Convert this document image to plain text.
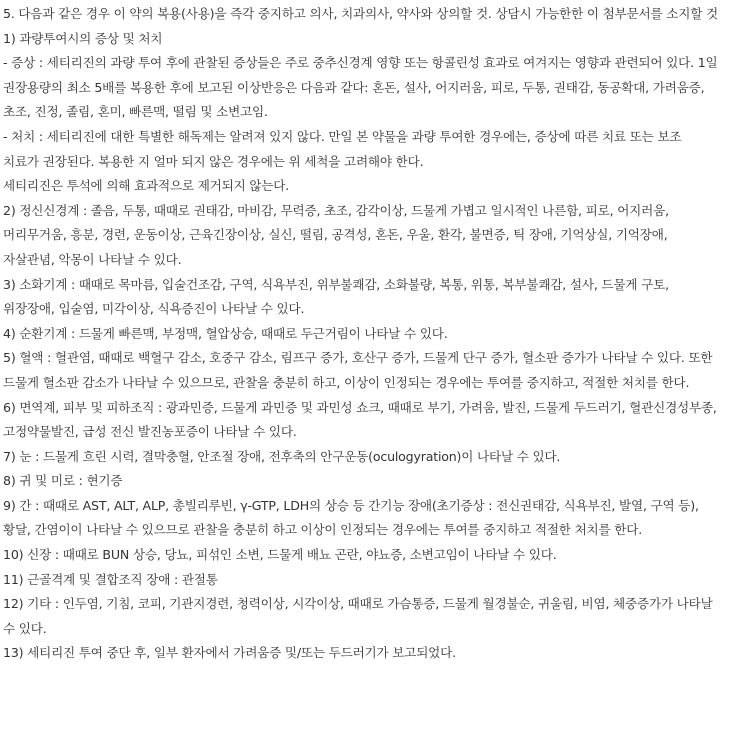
5. 다음과 같은 경우 이 약의 복용(사용)을 즉각 중지하고 의사, 치과의사, 약사와 상의할 것. 상담시 가능한한 이 첨부문서를 소지할 것

1) 과량투여시의 증상 및 처치

- 증상 : 세티리진의 과량 투여 후에 관찰된 증상들은 주로 중추신경계 영향 또는 항콜린성 효과로 여겨지는 영향과 관련되어 있다. 1일 권장용량의 최소 5배를 복용한 후에 보고된 이상반응은 다음과 같다: 혼돈, 설사, 어지러움, 피로, 두통, 권태감, 동공확대, 가려움증, 초조, 진정, 졸림, 혼미, 빠른맥, 떨림 및 소변고임.

- 처치 : 세티리진에 대한 특별한 해독제는 알려져 있지 않다. 만일 본 약물을 과량 투여한 경우에는, 증상에 따른 치료 또는 보조 치료가 권장된다. 복용한 지 얼마 되지 않은 경우에는 위 세척을 고려해야 한다.

세티리진은 투석에 의해 효과적으로 제거되지 않는다.

2) 정신신경계 : 졸음, 두통, 때때로 권태감, 마비감, 무력증, 초조, 감각이상, 드물게 가볍고 일시적인 나른함, 피로, 어지러움, 머리무거움, 흥분, 경련, 운동이상, 근육긴장이상, 실신, 떨림, 공격성, 혼돈, 우울, 환각, 불면증, 틱 장애, 기억상실, 기억장애, 자살관념, 악몽이 나타날 수 있다.

3) 소화기계 : 때때로 목마름, 입술건조감, 구역, 식욕부진, 위부불쾌감, 소화불량, 복통, 위통, 복부불쾌감, 설사, 드물게 구토, 위장장애, 입술염, 미각이상, 식욕증진이 나타날 수 있다.

4) 순환기계 : 드물게 빠른맥, 부정맥, 혈압상승, 때때로 두근거림이 나타날 수 있다.

5) 혈액 : 혈관염, 때때로 백혈구 감소, 호중구 감소, 림프구 증가, 호산구 증가, 드물게 단구 증가, 혈소판 증가가 나타날 수 있다. 또한 드물게 혈소판 감소가 나타날 수 있으므로, 관찰을 충분히 하고, 이상이 인정되는 경우에는 투여를 중지하고, 적절한 처치를 한다.

6) 면역계, 피부 및 피하조직 : 광과민증, 드물게 과민증 및 과민성 쇼크, 때때로 부기, 가려움, 발진, 드물게 두드러기, 혈관신경성부종, 고정약물발진, 급성 전신 발진농포증이 나타날 수 있다.

7) 눈 : 드물게 흐린 시력, 결막충혈, 안조절 장애, 전후축의 안구운동(oculogyration)이 나타날 수 있다.

8) 귀 및 미로 : 현기증

9) 간 : 때때로 AST, ALT, ALP, 총빌리루빈, γ-GTP, LDH의 상승 등 간기능 장애(초기증상 : 전신권태감, 식욕부진, 발열, 구역 등), 황달, 간염이이 나타날 수 있으므로 관찰을 충분히 하고 이상이 인정되는 경우에는 투여를 중지하고 적절한 처치를 한다.

10) 신장 : 때때로 BUN 상승, 당뇨, 피섞인 소변, 드물게 배뇨 곤란, 야뇨증, 소변고임이 나타날 수 있다.

11) 근골격계 및 결합조직 장애 : 관절통

12) 기타 : 인두염, 기침, 코피, 기관지경련, 청력이상, 시각이상, 때때로 가슴통증, 드물게 월경불순, 귀울림, 비염, 체중증가가 나타날 수 있다.

13) 세티리진 투여 중단 후, 일부 환자에서 가려움증 및/또는 두드러기가 보고되었다.
